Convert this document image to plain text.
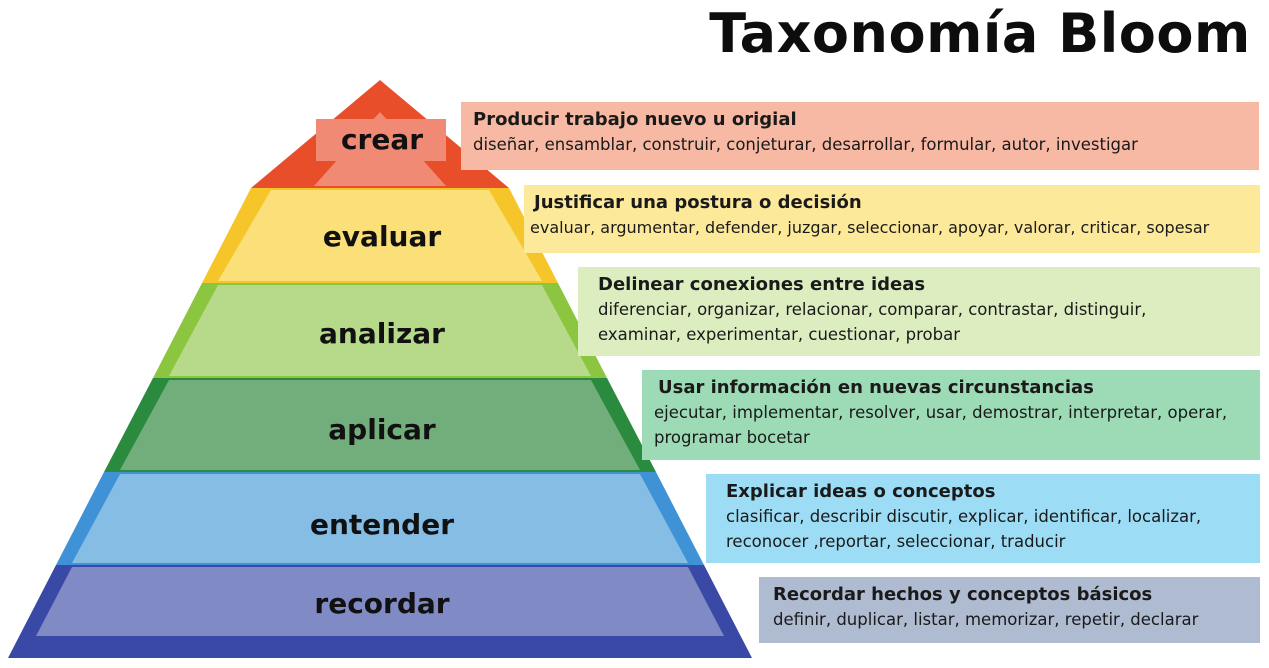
Taxonomía Bloom
crear
evaluar
analizar
aplicar
entender
recordar
Producir trabajo nuevo u origial
diseñar, ensamblar, construir, conjeturar, desarrollar, formular, autor, investigar
Justificar una postura o decisión
evaluar, argumentar, defender, juzgar, seleccionar, apoyar, valorar, criticar, sopesar
Delinear conexiones entre ideas
diferenciar, organizar, relacionar, comparar, contrastar, distinguir, examinar, experimentar, cuestionar, probar
Usar información en nuevas circunstancias
ejecutar, implementar, resolver, usar, demostrar, interpretar, operar, programar bocetar
Explicar ideas o conceptos
clasificar, describir discutir, explicar, identificar, localizar, reconocer ,reportar, seleccionar, traducir
Recordar hechos y conceptos básicos
definir, duplicar, listar, memorizar, repetir, declarar
